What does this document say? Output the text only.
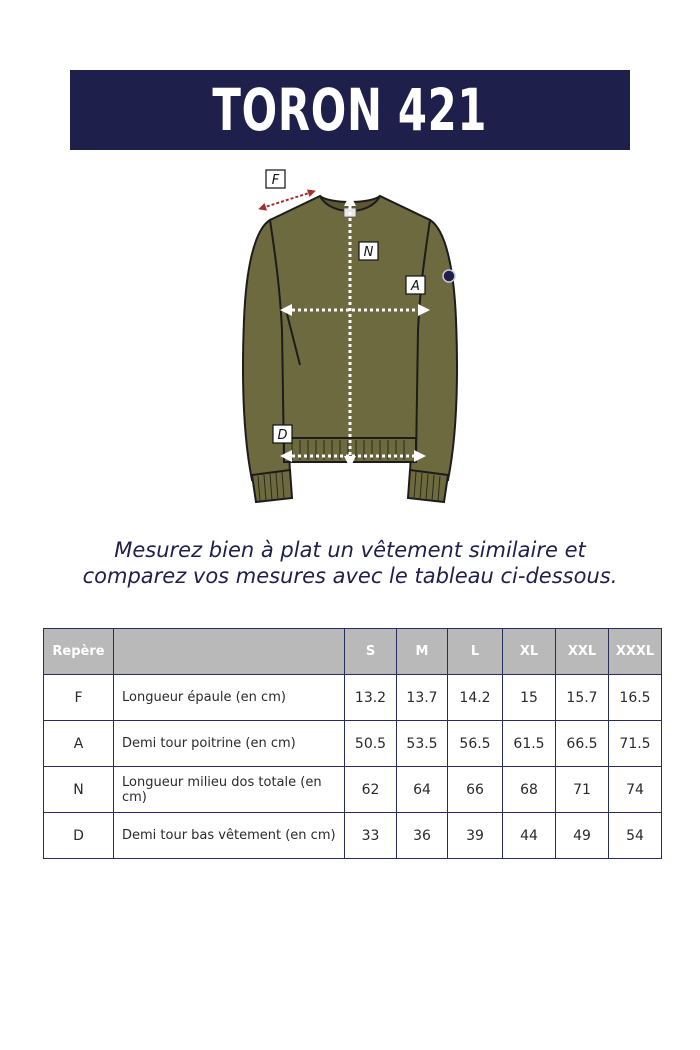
TORON 421
F
N
A
D
Mesurez bien à plat un vêtement similaire et
comparez vos mesures avec le tableau ci-dessous.
Repère		S	M	L	XL	XXL	XXXL
F	Longueur épaule (en cm)	13.2	13.7	14.2	15	15.7	16.5
A	Demi tour poitrine (en cm)	50.5	53.5	56.5	61.5	66.5	71.5
N	Longueur milieu dos totale (en cm)	62	64	66	68	71	74
D	Demi tour bas vêtement (en cm)	33	36	39	44	49	54
